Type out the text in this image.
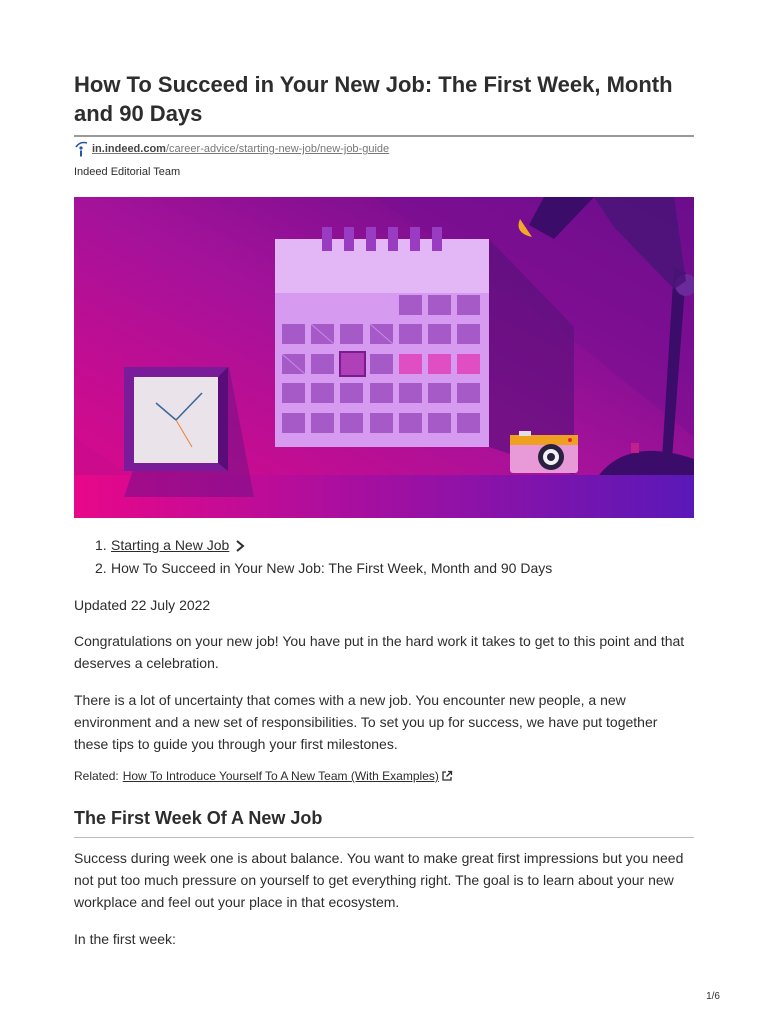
How To Succeed in Your New Job: The First Week, Month and 90 Days
in.indeed.com/career-advice/starting-new-job/new-job-guide
Indeed Editorial Team
1. Starting a New Job
2. How To Succeed in Your New Job: The First Week, Month and 90 Days

Updated 22 July 2022

Congratulations on your new job! You have put in the hard work it takes to get to this point and that deserves a celebration.

There is a lot of uncertainty that comes with a new job. You encounter new people, a new environment and a new set of responsibilities. To set you up for success, we have put together these tips to guide you through your first milestones.

Related: How To Introduce Yourself To A New Team (With Examples)
The First Week Of A New Job

Success during week one is about balance. You want to make great first impressions but you need not put too much pressure on yourself to get everything right. The goal is to learn about your new workplace and feel out your place in that ecosystem.

In the first week:

1/6
